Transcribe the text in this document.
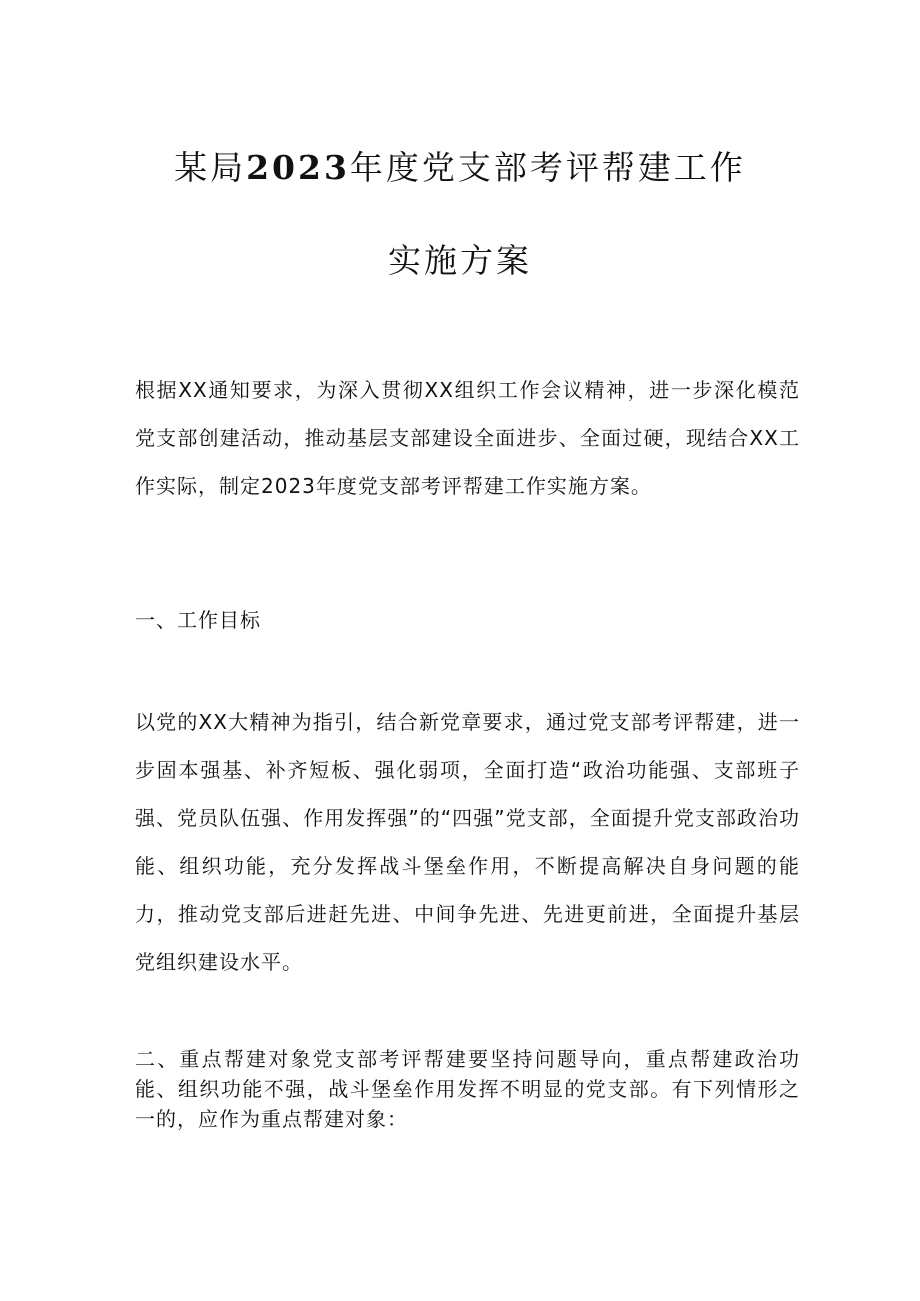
某局2023年度党支部考评帮建工作
实施方案

根据XX通知要求，为深入贯彻XX组织工作会议精神，进一步深化模范党支部创建活动，推动基层支部建设全面进步、全面过硬，现结合XX工作实际，制定2023年度党支部考评帮建工作实施方案。

一、工作目标

以党的XX大精神为指引，结合新党章要求，通过党支部考评帮建，进一步固本强基、补齐短板、强化弱项，全面打造“政治功能强、支部班子强、党员队伍强、作用发挥强”的“四强”党支部，全面提升党支部政治功能、组织功能，充分发挥战斗堡垒作用，不断提高解决自身问题的能力，推动党支部后进赶先进、中间争先进、先进更前进，全面提升基层党组织建设水平。

二、重点帮建对象党支部考评帮建要坚持问题导向，重点帮建政治功能、组织功能不强，战斗堡垒作用发挥不明显的党支部。有下列情形之一的，应作为重点帮建对象：
